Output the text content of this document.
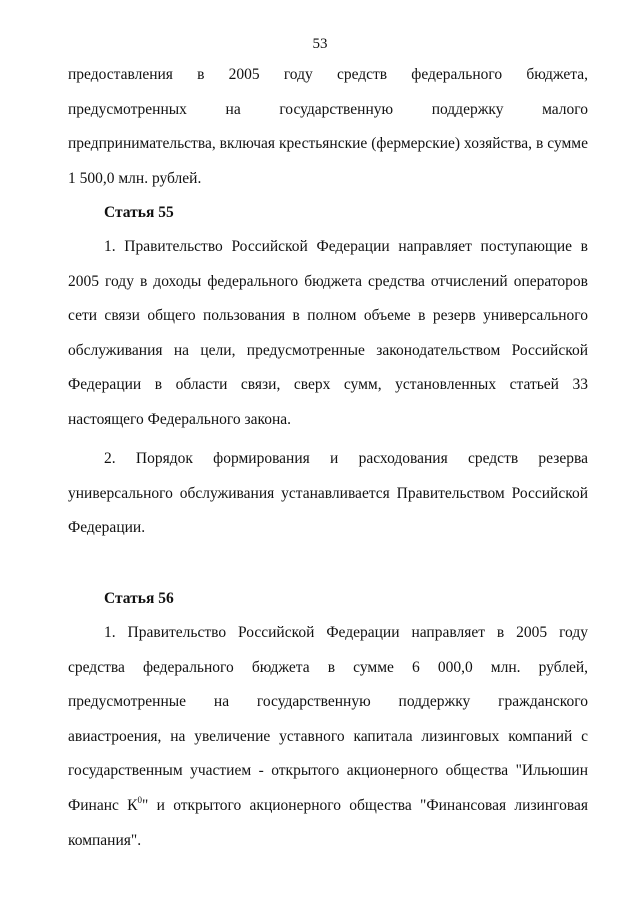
53

предоставления в 2005 году средств федерального бюджета, предусмотренных на государственную поддержку малого предпринимательства, включая крестьянские (фермерские) хозяйства, в сумме 1 500,0 млн. рублей.

Статья 55

1. Правительство Российской Федерации направляет поступающие в 2005 году в доходы федерального бюджета средства отчислений операторов сети связи общего пользования в полном объеме в резерв универсального обслуживания на цели, предусмотренные законодательством Российской Федерации в области связи, сверх сумм, установленных статьей 33 настоящего Федерального закона.

2. Порядок формирования и расходования средств резерва универсального обслуживания устанавливается Правительством Российской Федерации.

Статья 56

1. Правительство Российской Федерации направляет в 2005 году средства федерального бюджета в сумме 6 000,0 млн. рублей, предусмотренные на государственную поддержку гражданского авиастроения, на увеличение уставного капитала лизинговых компаний с государственным участием - открытого акционерного общества "Ильюшин Финанс $К^0$" и открытого акционерного общества "Финансовая лизинговая компания".
